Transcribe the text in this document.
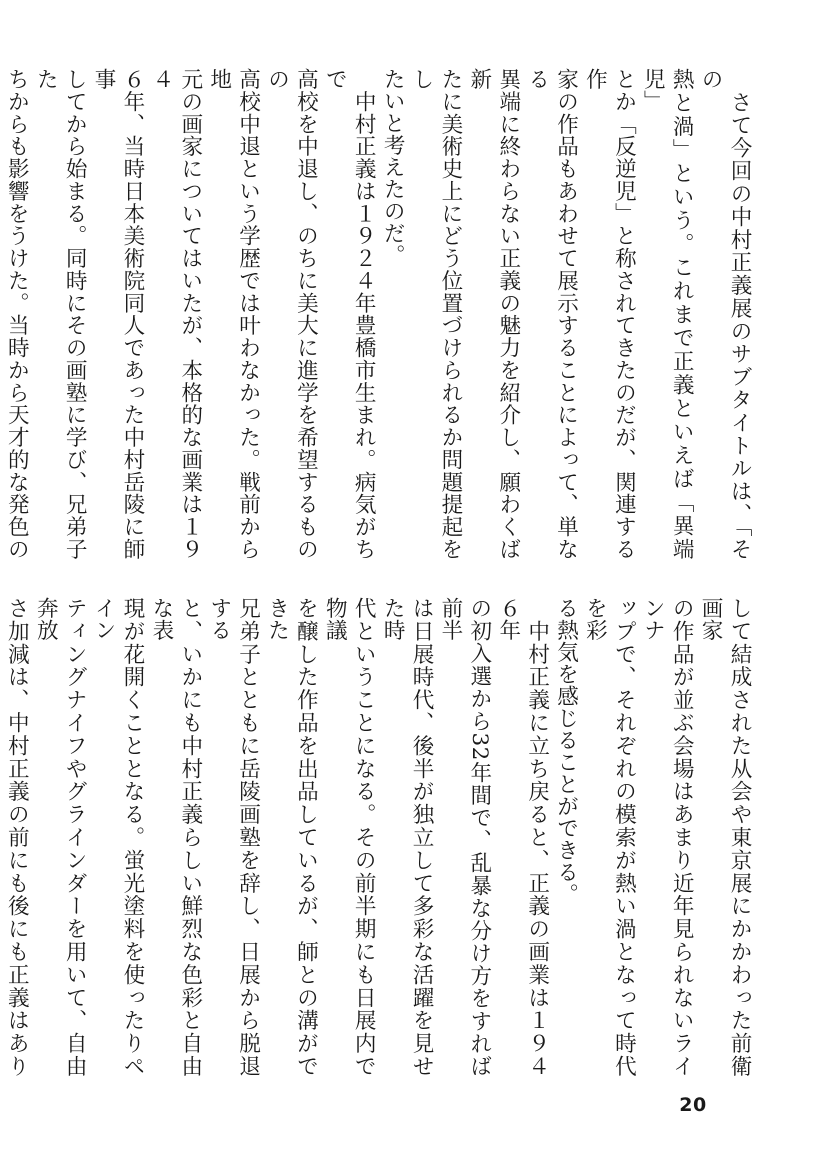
　さて今回の中村正義展のサブタイトルは、「その
熱と渦」という。これまで正義といえば「異端児」
とか「反逆児」と称されてきたのだが、関連する作
家の作品もあわせて展示することによって、単なる
異端に終わらない正義の魅力を紹介し、願わくば新
たに美術史上にどう位置づけられるか問題提起をし
たいと考えたのだ。
　中村正義は１９２４年豊橋市生まれ。病気がちで
高校を中退し、のちに美大に進学を希望するものの
高校中退という学歴では叶わなかった。戦前から地
元の画家についてはいたが、本格的な画業は１９４
６年、当時日本美術院同人であった中村岳陵に師事
してから始まる。同時にその画塾に学び、兄弟子た
ちからも影響をうけた。当時から天才的な発色の
して結成された从会や東京展にかかわった前衛画家
の作品が並ぶ会場はあまり近年見られないラインナ
ップで、それぞれの模索が熱い渦となって時代を彩
る熱気を感じることができる。
　中村正義に立ち戻ると、正義の画業は１９４６年
の初入選から32年間で、乱暴な分け方をすれば前半
は日展時代、後半が独立して多彩な活躍を見せた時
代ということになる。その前半期にも日展内で物議
を醸した作品を出品しているが、師との溝ができた
兄弟子とともに岳陵画塾を辞し、日展から脱退する
と、いかにも中村正義らしい鮮烈な色彩と自由な表
現が花開くこととなる。蛍光塗料を使ったりペイン
ティングナイフやグラインダーを用いて、自由奔放
さ加減は、中村正義の前にも後にも正義はあり
20
